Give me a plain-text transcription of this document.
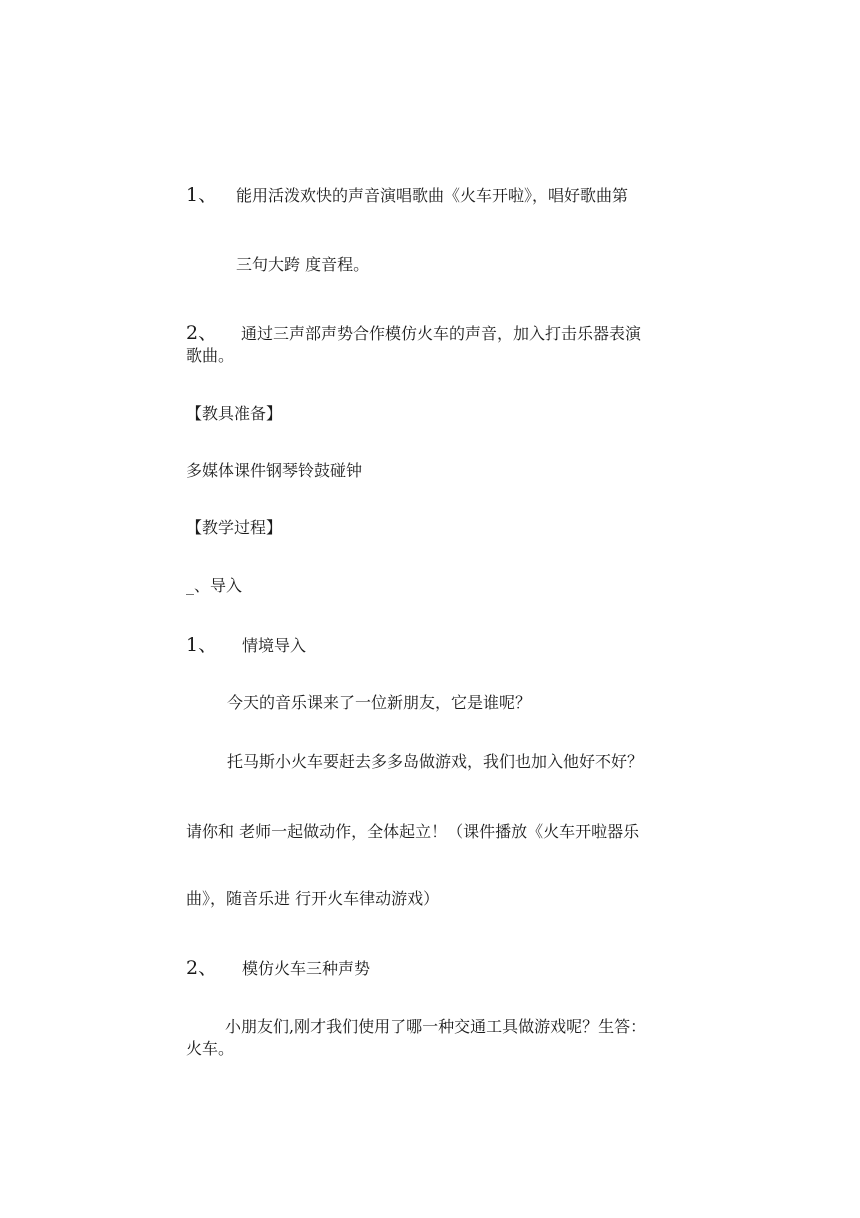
1、 能用活泼欢快的声音演唱歌曲《火车开啦》，唱好歌曲第
三句大跨 度音程。
2、 通过三声部声势合作模仿火车的声音，加入打击乐器表演
歌曲。
【教具准备】
多媒体课件钢琴铃鼓碰钟
【教学过程】
_、导入
1、 情境导入
今天的音乐课来了一位新朋友，它是谁呢？
托马斯小火车要赶去多多岛做游戏，我们也加入他好不好？
请你和 老师一起做动作，全体起立！（课件播放《火车开啦器乐
曲》，随音乐进 行开火车律动游戏）
2、 模仿火车三种声势
小朋友们,刚才我们使用了哪一种交通工具做游戏呢？生答：
火车。
